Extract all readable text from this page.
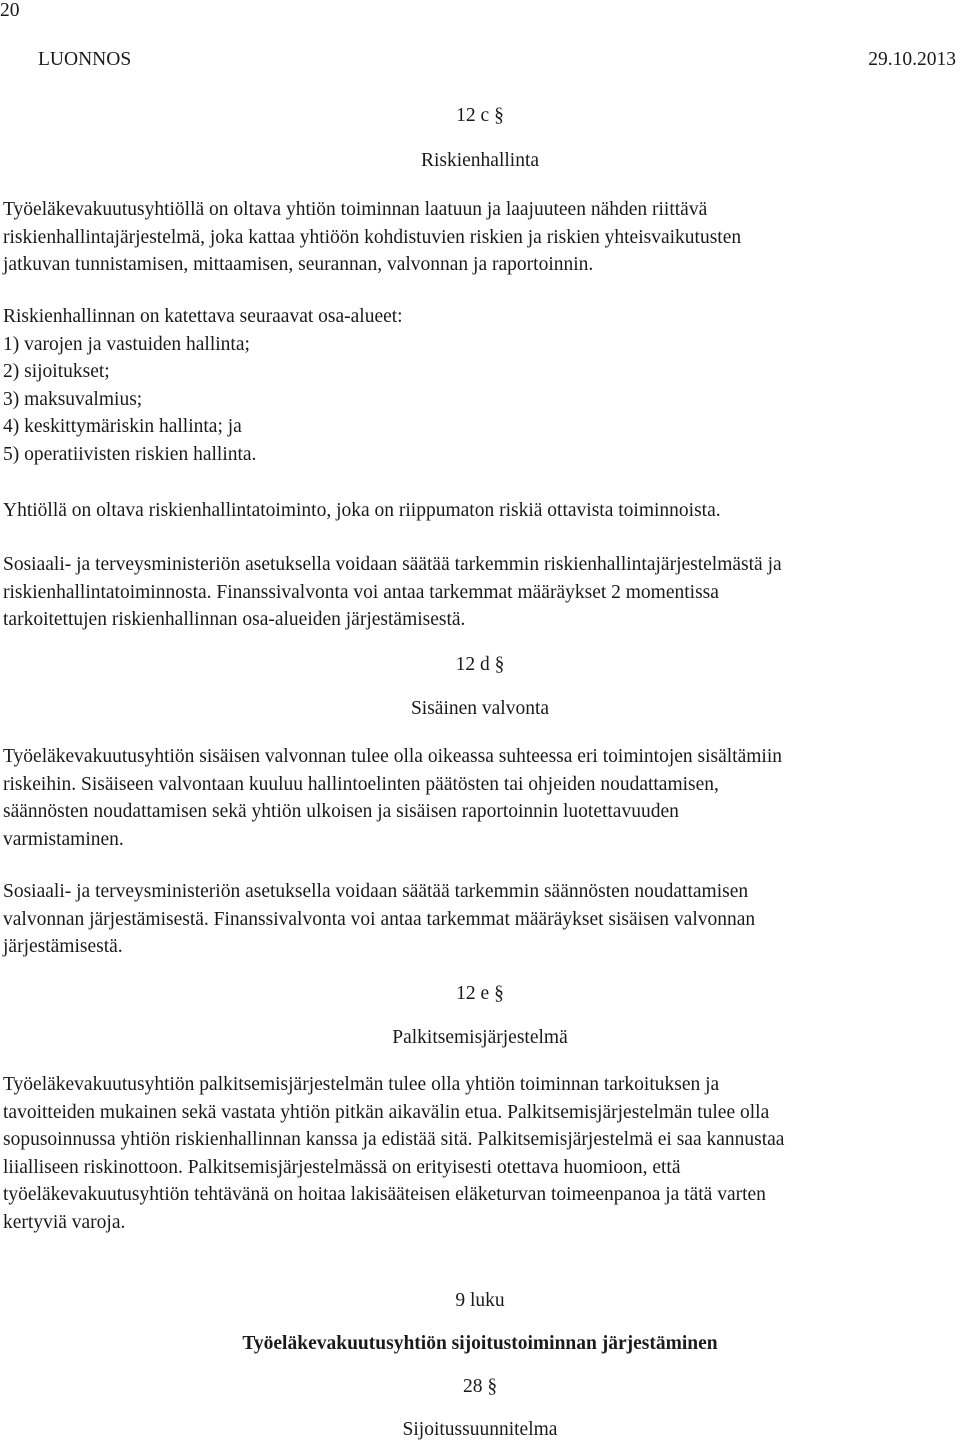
20
LUONNOS	29.10.2013
12 c §
Riskienhallinta
Työeläkevakuutusyhtiöllä on oltava yhtiön toiminnan laatuun ja laajuuteen nähden riittävä
riskienhallintajärjestelmä, joka kattaa yhtiöön kohdistuvien riskien ja riskien yhteisvaikutusten
jatkuvan tunnistamisen, mittaamisen, seurannan, valvonnan ja raportoinnin.
Riskienhallinnan on katettava seuraavat osa-alueet:
1) varojen ja vastuiden hallinta;
2) sijoitukset;
3) maksuvalmius;
4) keskittymäriskin hallinta; ja
5) operatiivisten riskien hallinta.
Yhtiöllä on oltava riskienhallintatoiminto, joka on riippumaton riskiä ottavista toiminnoista.
Sosiaali- ja terveysministeriön asetuksella voidaan säätää tarkemmin riskienhallintajärjestelmästä ja
riskienhallintatoiminnosta. Finanssivalvonta voi antaa tarkemmat määräykset 2 momentissa
tarkoitettujen riskienhallinnan osa-alueiden järjestämisestä.
12 d §
Sisäinen valvonta
Työeläkevakuutusyhtiön sisäisen valvonnan tulee olla oikeassa suhteessa eri toimintojen sisältämiin
riskeihin. Sisäiseen valvontaan kuuluu hallintoelinten päätösten tai ohjeiden noudattamisen,
säännösten noudattamisen sekä yhtiön ulkoisen ja sisäisen raportoinnin luotettavuuden
varmistaminen.
Sosiaali- ja terveysministeriön asetuksella voidaan säätää tarkemmin säännösten noudattamisen
valvonnan järjestämisestä. Finanssivalvonta voi antaa tarkemmat määräykset sisäisen valvonnan
järjestämisestä.
12 e §
Palkitsemisjärjestelmä
Työeläkevakuutusyhtiön palkitsemisjärjestelmän tulee olla yhtiön toiminnan tarkoituksen ja
tavoitteiden mukainen sekä vastata yhtiön pitkän aikavälin etua. Palkitsemisjärjestelmän tulee olla
sopusoinnussa yhtiön riskienhallinnan kanssa ja edistää sitä. Palkitsemisjärjestelmä ei saa kannustaa
liialliseen riskinottoon. Palkitsemisjärjestelmässä on erityisesti otettava huomioon, että
työeläkevakuutusyhtiön tehtävänä on hoitaa lakisääteisen eläketurvan toimeenpanoa ja tätä varten
kertyviä varoja.
9 luku
Työeläkevakuutusyhtiön sijoitustoiminnan järjestäminen
28 §
Sijoitussuunnitelma
